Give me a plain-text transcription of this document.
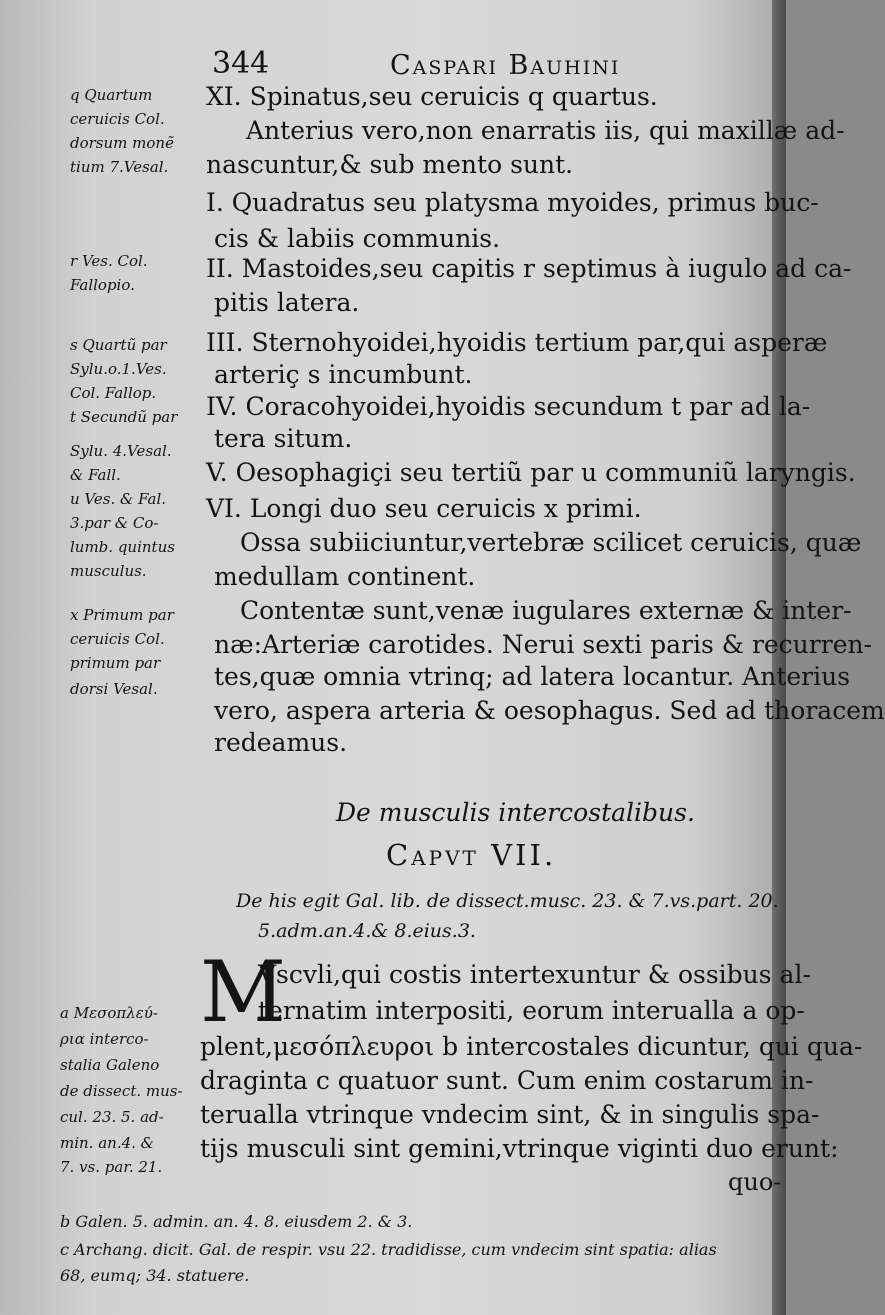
344	Caspari Bauhini
XI. Spinatus,seu ceruicis q quartus.
Anterius vero,non enarratis iis, qui maxillæ ad-
nascuntur,& sub mento sunt.
I. Quadratus seu platysma myoides, primus buc-
cis & labiis communis.
II. Mastoides,seu capitis r septimus à iugulo ad ca-
pitis latera.
III. Sternohyoidei,hyoidis tertium par,qui asperæ
arteriç s incumbunt.
IV. Coracohyoidei,hyoidis secundum t par ad la-
tera situm.
V. Oesophagiçi seu tertiũ par u communiũ laryngis.
VI. Longi duo seu ceruicis x primi.
Ossa subiiciuntur,vertebræ scilicet ceruicis, quæ
medullam continent.
Contentæ sunt,venæ iugulares externæ & inter-
næ:Arteriæ carotides. Nerui sexti paris & recurren-
tes,quæ omnia vtrinq; ad latera locantur. Anterius
vero, aspera arteria & oesophagus. Sed ad thoracem
redeamus.
q Quartum
ceruicis Col.
dorsum monẽ
tium 7.Vesal.
r Ves. Col.
Fallopio.
s Quartũ par
Sylu.o.1.Ves.
Col. Fallop.
t Secundũ par
Sylu. 4.Vesal.
& Fall.
u Ves. & Fal.
3.par & Co-
lumb. quintus
musculus.
x Primum par
ceruicis Col.
primum par
dorsi Vesal.
De musculis intercostalibus.
Capvt VII.
De his egit Gal. lib. de dissect.musc. 23. & 7.vs.part. 20.
5.adm.an.4.& 8.eius.3.
M
Vscvli,qui costis intertexuntur & ossibus al-
ternatim interpositi, eorum interualla a op-
plent,μεσόπλευροι b intercostales dicuntur, qui qua-
draginta c quatuor sunt. Cum enim costarum in-
terualla vtrinque vndecim sint, & in singulis spa-
tijs musculi sint gemini,vtrinque viginti duo erunt:
quo-
a Μεσοπλεύ-
ρια interco-
stalia Galeno
de dissect. mus-
cul. 23. 5. ad-
min. an.4. &
7. vs. par. 21.
b Galen. 5. admin. an. 4. 8. eiusdem 2. & 3.
c Archang. dicit. Gal. de respir. vsu 22. tradidisse, cum vndecim sint spatia: alias
68, eumq; 34. statuere.
